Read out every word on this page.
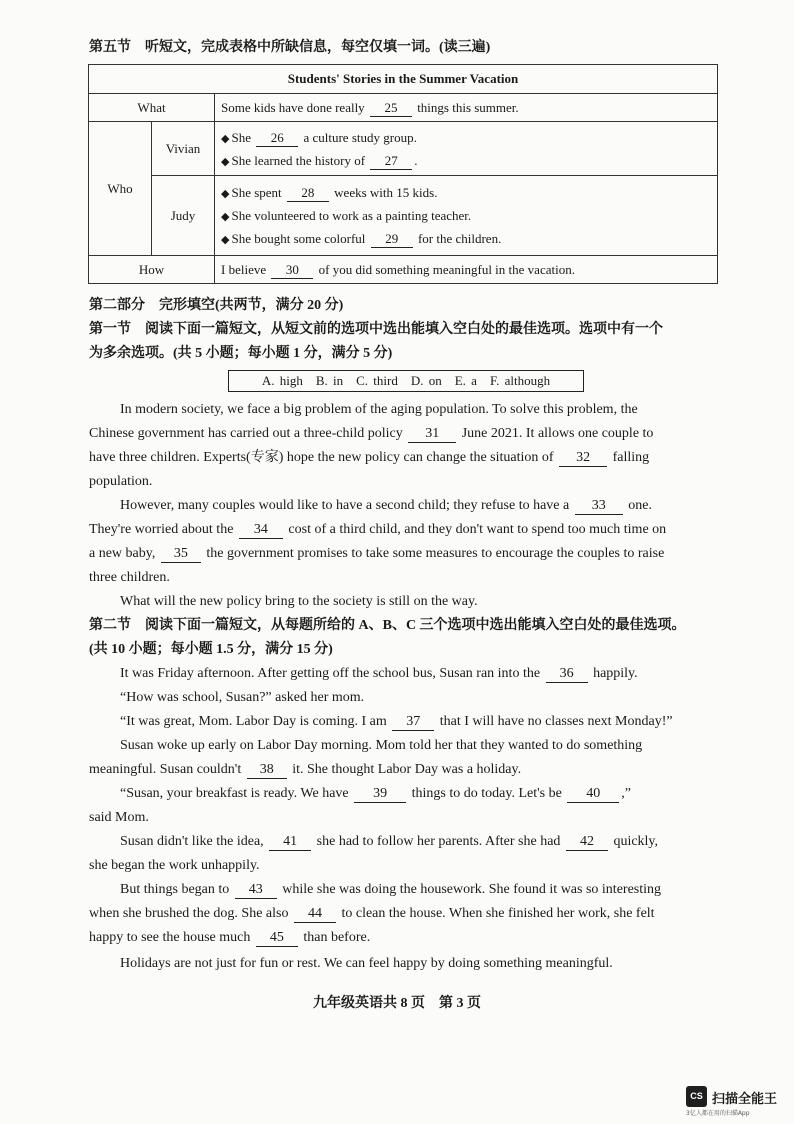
第五节　听短文，完成表格中所缺信息，每空仅填一词。(读三遍)
Students' Stories in the Summer Vacation		
What		Some kids have done really 25 things this summer.
Who	Vivian	◆ She 26 a culture study group.
◆ She learned the history of 27 .

	Judy	◆ She spent 28 weeks with 15 kids.
◆ She volunteered to work as a painting teacher.
◆ She bought some colorful 29 for the children.

How		I believe 30 of you did something meaningful in the vacation.
第二部分　完形填空(共两节，满分 20 分)
第一节　阅读下面一篇短文，从短文前的选项中选出能填入空白处的最佳选项。选项中有一个
为多余选项。(共 5 小题；每小题 1 分，满分 5 分)
A. high　B. in　C. third　D. on　E. a　F. although
In modern society, we face a big problem of the aging population. To solve this problem, the
Chinese government has carried out a three-child policy 31 June 2021. It allows one couple to
have three children. Experts(专家) hope the new policy can change the situation of 32 falling
population.
However, many couples would like to have a second child; they refuse to have a 33 one.
They're worried about the 34 cost of a third child, and they don't want to spend too much time on
a new baby, 35 the government promises to take some measures to encourage the couples to raise
three children.
What will the new policy bring to the society is still on the way.
第二节　阅读下面一篇短文，从每题所给的 A、B、C 三个选项中选出能填入空白处的最佳选项。
(共 10 小题；每小题 1.5 分，满分 15 分)
It was Friday afternoon. After getting off the school bus, Susan ran into the 36 happily.
“How was school, Susan?” asked her mom.
“It was great, Mom. Labor Day is coming. I am 37 that I will have no classes next Monday!”
Susan woke up early on Labor Day morning. Mom told her that they wanted to do something
meaningful. Susan couldn't 38 it. She thought Labor Day was a holiday.
“Susan, your breakfast is ready. We have 39 things to do today. Let's be 40 ,”
said Mom.
Susan didn't like the idea, 41 she had to follow her parents. After she had 42 quickly,
she began the work unhappily.
But things began to 43 while she was doing the housework. She found it was so interesting
when she brushed the dog. She also 44 to clean the house. When she finished her work, she felt
happy to see the house much 45 than before.
Holidays are not just for fun or rest. We can feel happy by doing something meaningful.
九年级英语共 8 页　第 3 页
CS 扫描全能王
3亿人都在用的扫描App
